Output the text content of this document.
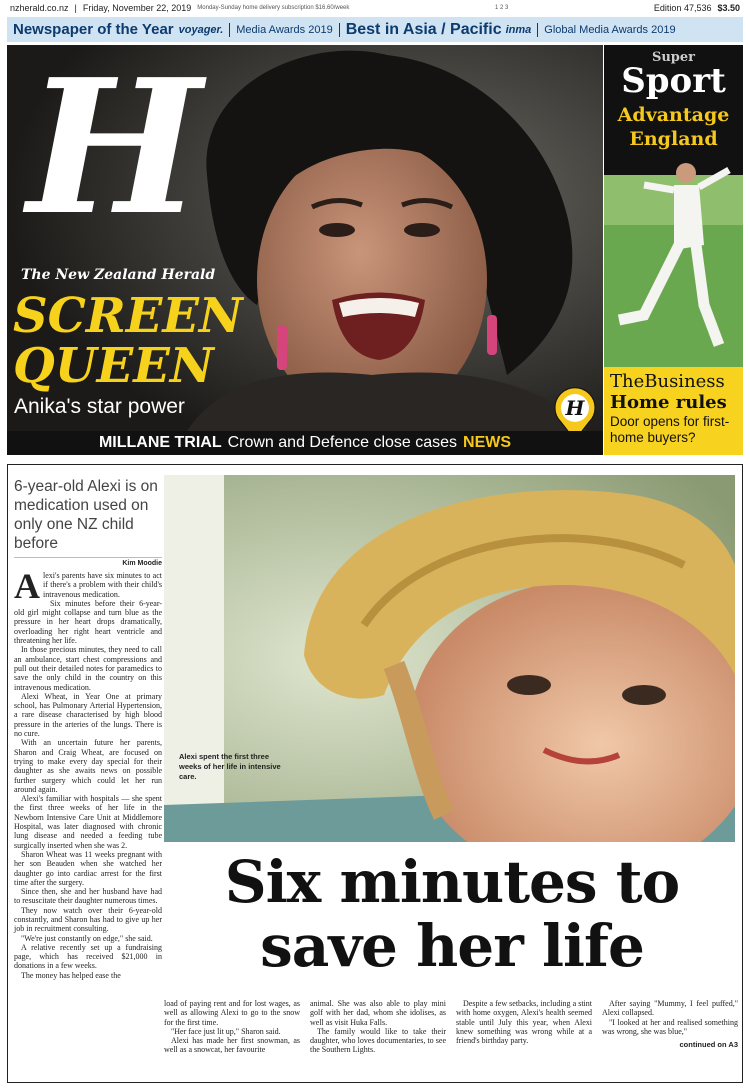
nzherald.co.nz | Friday, November 22, 2019 Monday-Sunday home delivery subscription $16.60/week	1 2 3	Edition 47,536 $3.50
Newspaper of the Year voyager. Media Awards 2019 Best in Asia / Pacific inma Global Media Awards 2019
H
The New Zealand Herald
SCREEN
QUEEN
Anika's star power	H
Super
Sport
Advantage
England
TheBusiness
Home rules
Door opens for first-home buyers?
MILLANE TRIAL Crown and Defence close cases NEWS
6-year-old Alexi is on medication used on only one NZ child before
Kim Moodie

Alexi's parents have six minutes to act if there's a problem with their child's intravenous medication.

Six minutes before their 6-year-old girl might collapse and turn blue as the pressure in her heart drops dramatically, overloading her right heart ventricle and threatening her life.

In those precious minutes, they need to call an ambulance, start chest compressions and pull out their detailed notes for paramedics to save the only child in the country on this intravenous medication.

Alexi Wheat, in Year One at primary school, has Pulmonary Arterial Hypertension, a rare disease characterised by high blood pressure in the arteries of the lungs. There is no cure.

With an uncertain future her parents, Sharon and Craig Wheat, are focused on trying to make every day special for their daughter as she awaits news on possible further surgery which could let her run around again.

Alexi's familiar with hospitals — she spent the first three weeks of her life in the Newborn Intensive Care Unit at Middlemore Hospital, was later diagnosed with chronic lung disease and needed a feeding tube surgically inserted when she was 2.

Sharon Wheat was 11 weeks pregnant with her son Beauden when she watched her daughter go into cardiac arrest for the first time after the surgery.

Since then, she and her husband have had to resuscitate their daughter numerous times.

They now watch over their 6-year-old constantly, and Sharon has had to give up her job in recruitment consulting.

"We're just constantly on edge," she said.

A relative recently set up a fundraising page, which has received $21,000 in donations in a few weeks.

The money has helped ease the

Alexi spent the first three weeks of her life in intensive care.
Six minutes to
save her life

load of paying rent and for lost wages, as well as allowing Alexi to go to the snow for the first time.

"Her face just lit up," Sharon said.

Alexi has made her first snowman, as well as a snowcat, her favourite

animal. She was also able to play mini golf with her dad, whom she idolises, as well as visit Huka Falls.

The family would like to take their daughter, who loves documentaries, to see the Southern Lights.

Despite a few setbacks, including a stint with home oxygen, Alexi's health seemed stable until July this year, when Alexi knew something was wrong while at a friend's birthday party.

After saying "Mummy, I feel puffed," Alexi collapsed.

"I looked at her and realised something was wrong, she was blue,"

continued on A3
